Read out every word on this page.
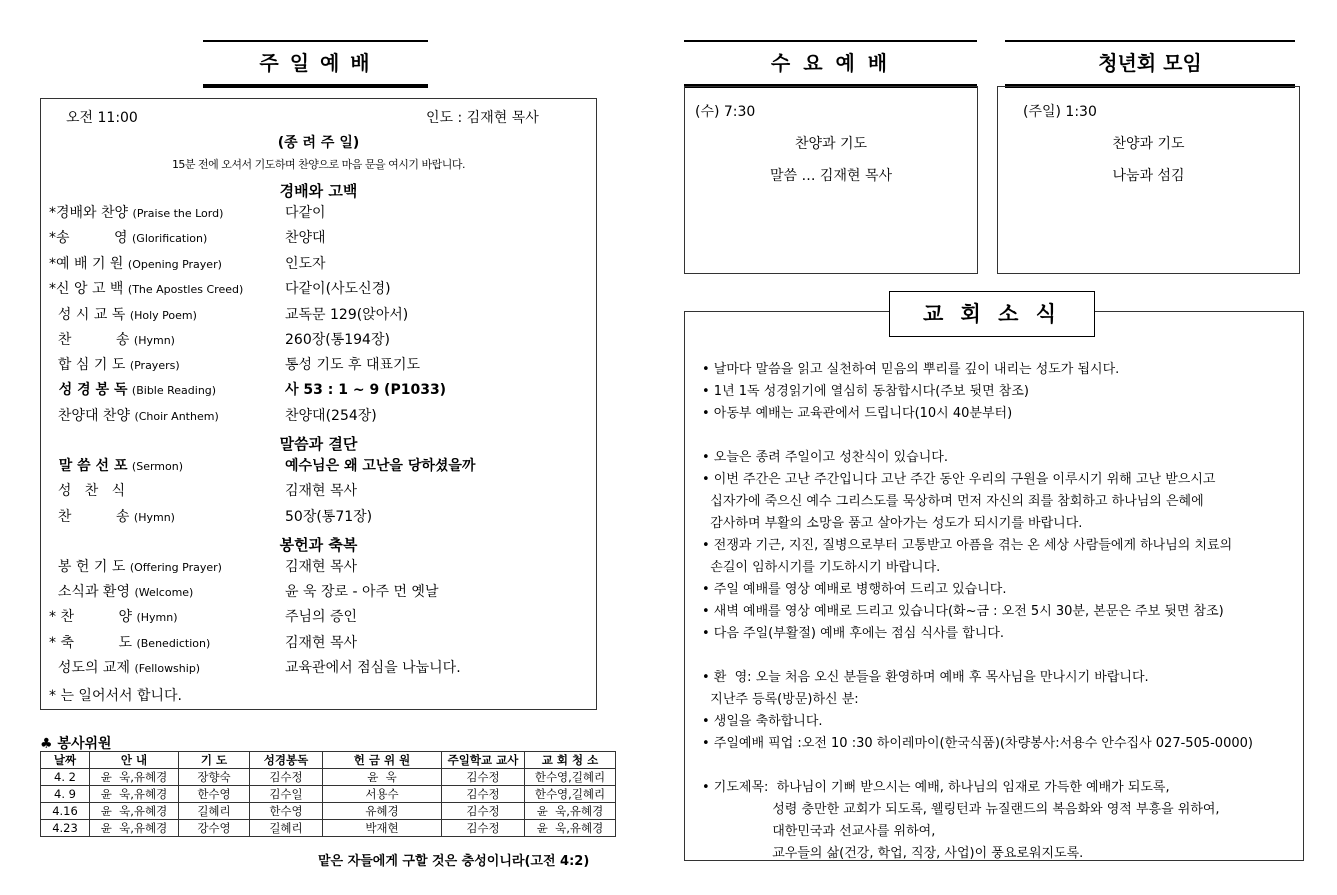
주 일 예 배
오전 11:00	인도 : 김재현 목사
(종 려 주 일)
15분 전에 오셔서 기도하며 찬양으로 마음 문을 여시기 바랍니다.
경배와 고백
말씀과 결단
봉헌과 축복
*경배와 찬양 (Praise the Lord)	다같이
*송          영 (Glorification)	찬양대
*예 배 기 원 (Opening Prayer)	인도자
*신 앙 고 백 (The Apostles Creed)	다같이(사도신경)
성 시 교 독 (Holy Poem)	교독문 129(앉아서)
찬          송 (Hymn)	260장(통194장)
합 심 기 도 (Prayers)	통성 기도 후 대표기도
성 경 봉 독 (Bible Reading)	사 53 : 1 ~ 9 (P1033)
찬양대 찬양 (Choir Anthem)	찬양대(254장)
말 씀 선 포 (Sermon)	예수님은 왜 고난을 당하셨을까
성   찬   식	김재현 목사
찬          송 (Hymn)	50장(통71장)
봉 헌 기 도 (Offering Prayer)	김재현 목사
소식과 환영 (Welcome)	윤 욱 장로 - 아주 먼 옛날
* 찬          양 (Hymn)	주님의 증인
* 축          도 (Benediction)	김재현 목사
성도의 교제 (Fellowship)	교육관에서 점심을 나눕니다.
* 는 일어서서 합니다.
♣ 봉사위원
날짜	안 내	기 도	성경봉독	헌 금 위 원	주일학교 교사	교 회 청 소
4. 2	윤  욱,유혜경	장향숙	김수정	윤  욱	김수정	한수영,길혜리
4. 9	윤  욱,유혜경	한수영	김수일	서용수	김수정	한수영,길혜리
4.16	윤  욱,유혜경	길혜리	한수영	유혜경	김수정	윤  욱,유혜경
4.23	윤  욱,유혜경	강수영	길혜리	박재현	김수정	윤  욱,유혜경
맡은 자들에게 구할 것은 충성이니라(고전 4:2)
수 요 예 배
(수) 7:30
찬양과 기도
말씀 … 김재현 목사
청년회 모임
(주일) 1:30
찬양과 기도
나눔과 섬김
교 회 소 식
• 날마다 말씀을 읽고 실천하여 믿음의 뿌리를 깊이 내리는 성도가 됩시다.
• 1년 1독 성경읽기에 열심히 동참합시다(주보 뒷면 참조)
• 아동부 예배는 교육관에서 드립니다(10시 40분부터)
• 오늘은 종려 주일이고 성찬식이 있습니다.
• 이번 주간은 고난 주간입니다 고난 주간 동안 우리의 구원을 이루시기 위해 고난 받으시고
십자가에 죽으신 예수 그리스도를 묵상하며 먼저 자신의 죄를 참회하고 하나님의 은혜에
감사하며 부활의 소망을 품고 살아가는 성도가 되시기를 바랍니다.
• 전쟁과 기근, 지진, 질병으로부터 고통받고 아픔을 겪는 온 세상 사람들에게 하나님의 치료의
손길이 임하시기를 기도하시기 바랍니다.
• 주일 예배를 영상 예배로 병행하여 드리고 있습니다.
• 새벽 예배를 영상 예배로 드리고 있습니다(화~금 : 오전 5시 30분, 본문은 주보 뒷면 참조)
• 다음 주일(부활절) 예배 후에는 점심 식사를 합니다.
• 환  영: 오늘 처음 오신 분들을 환영하며 예배 후 목사님을 만나시기 바랍니다.
지난주 등록(방문)하신 분:
• 생일을 축하합니다.
• 주일예배 픽업 :오전 10 :30 하이레마이(한국식품)(차량봉사:서용수 안수집사 027-505-0000)
• 기도제목:  하나님이 기뻐 받으시는 예배, 하나님의 임재로 가득한 예배가 되도록,
성령 충만한 교회가 되도록, 웰링턴과 뉴질랜드의 복음화와 영적 부흥을 위하여,
대한민국과 선교사를 위하여,
교우들의 삶(건강, 학업, 직장, 사업)이 풍요로워지도록.
